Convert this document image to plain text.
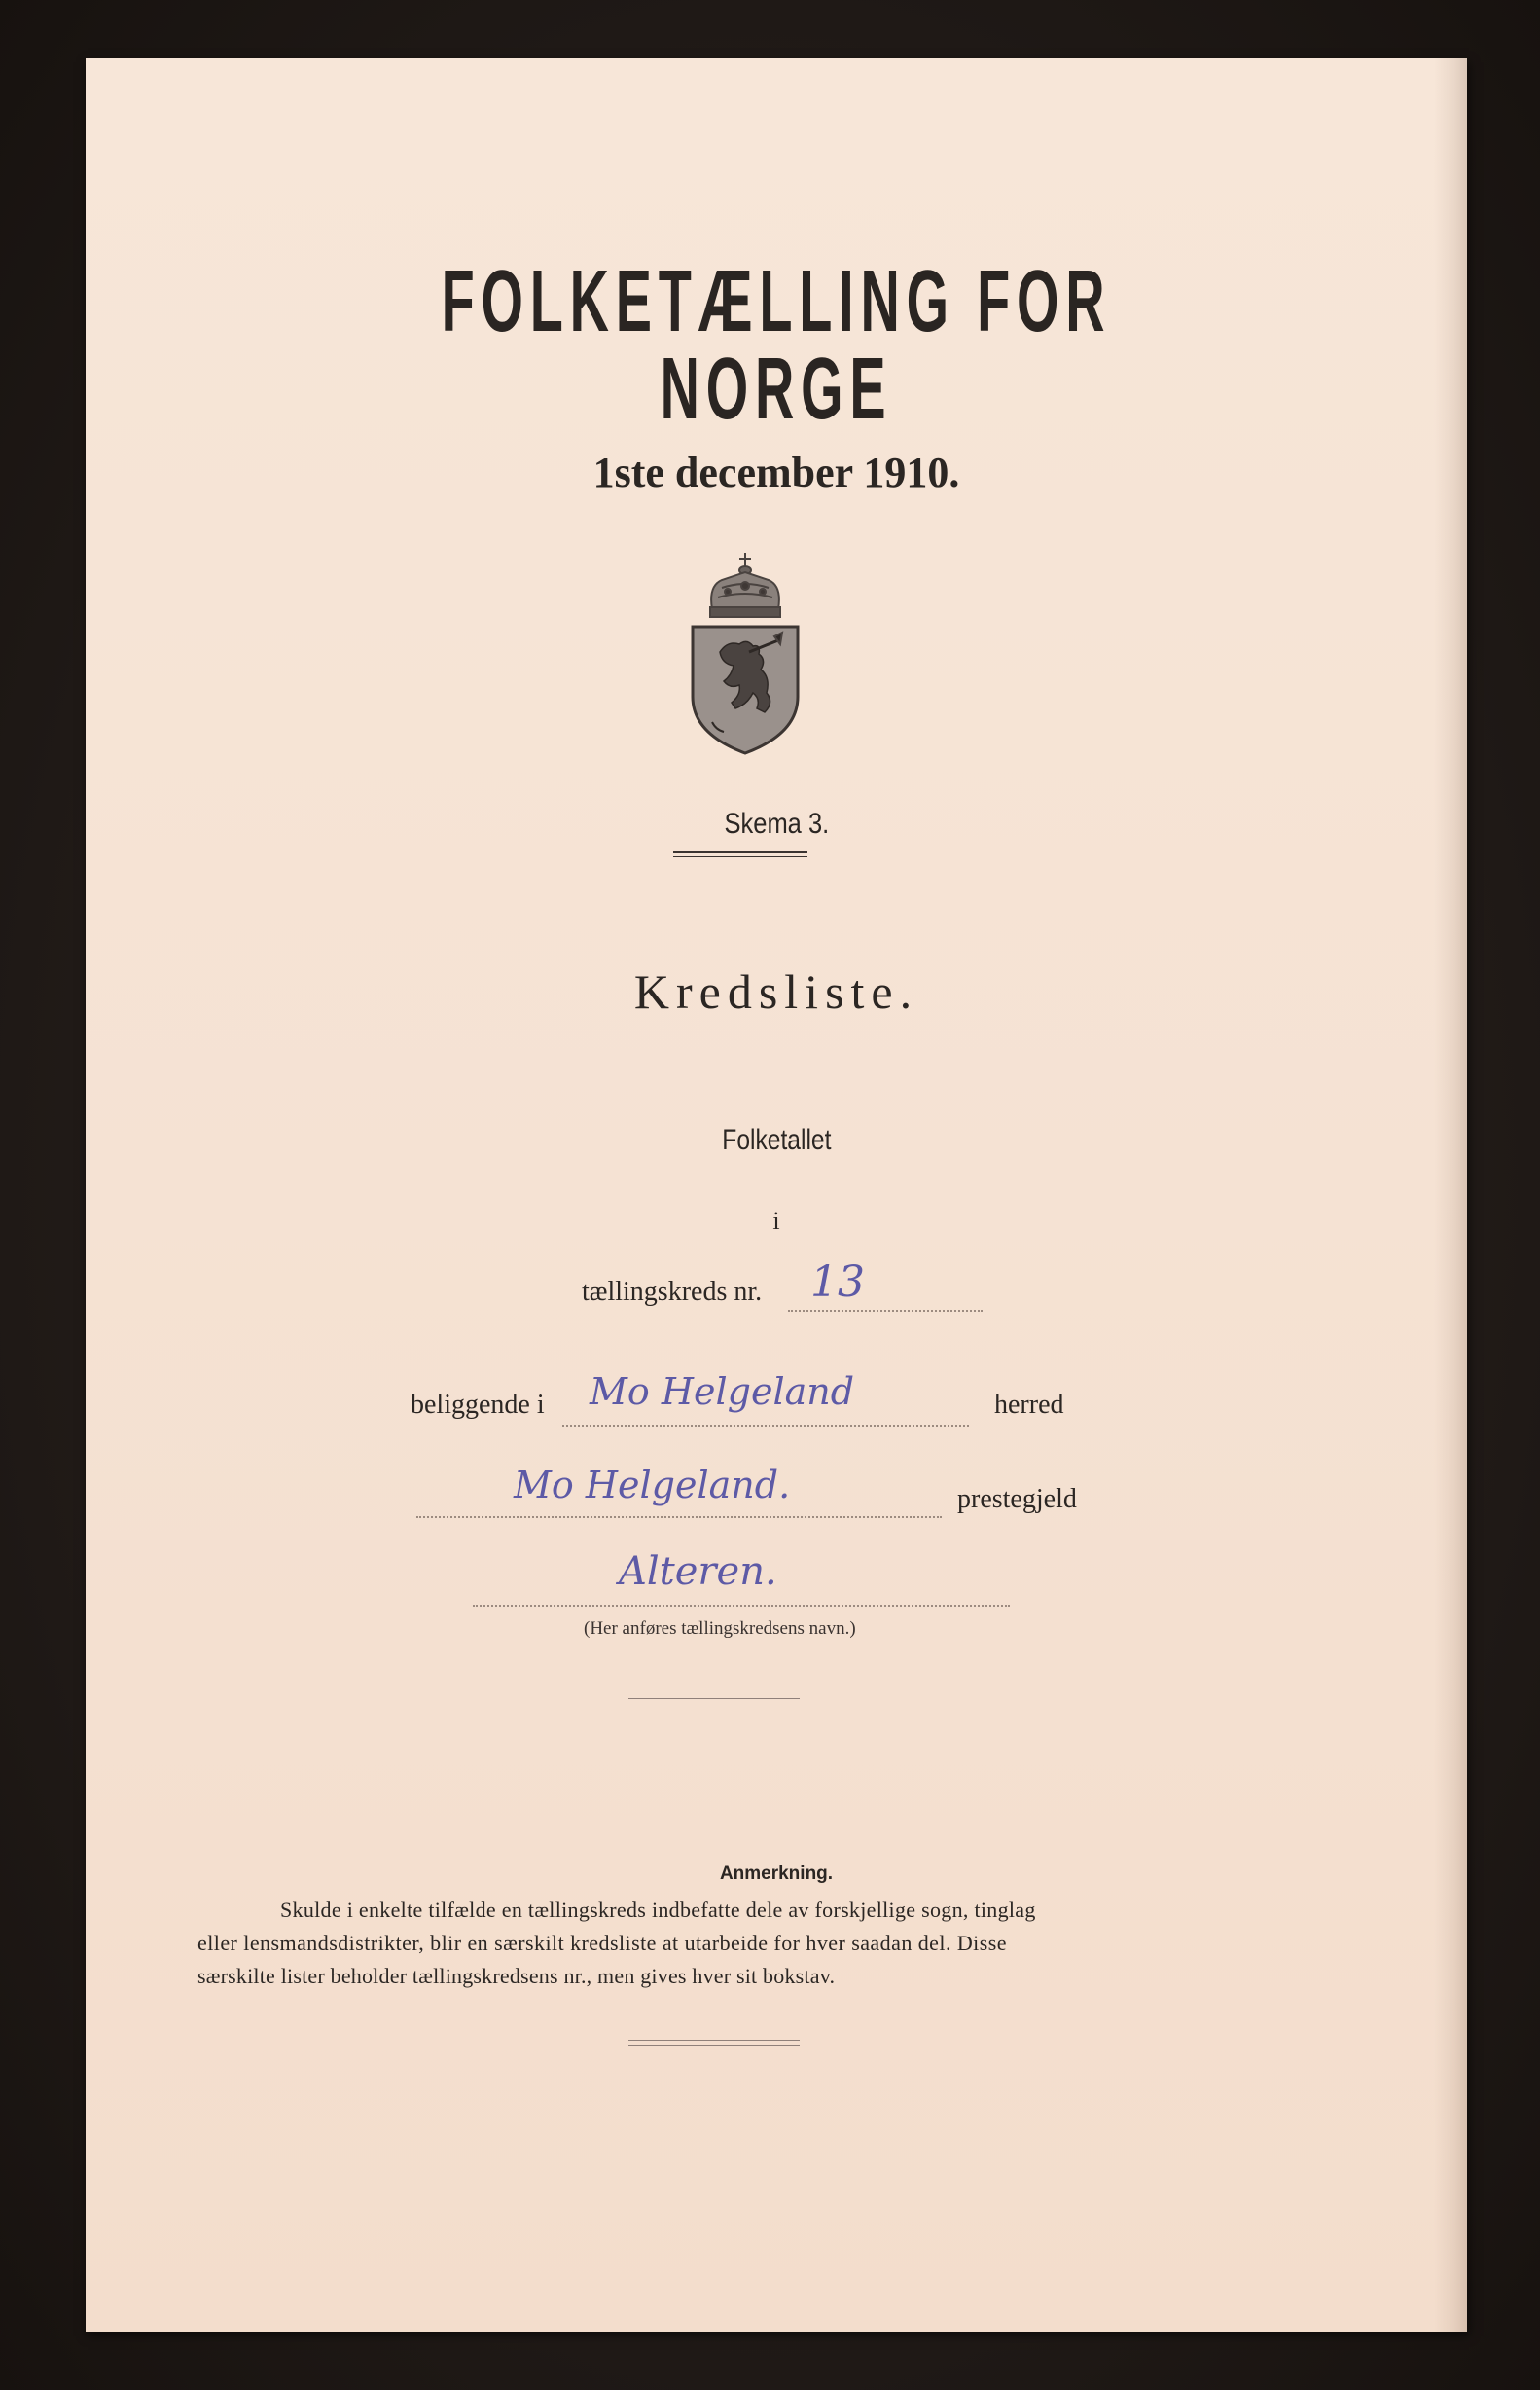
FOLKETÆLLING FOR NORGE
1ste december 1910.
Skema 3.
Kredsliste.
Folketallet
i
tællingskreds nr. 13
beliggende i Mo Helgeland	herred
Mo Helgeland.	prestegjeld
Alteren.
(Her anføres tællingskredsens navn.)
Anmerkning.
Skulde i enkelte tilfælde en tællingskreds indbefatte dele av forskjellige sogn, tinglag
eller lensmandsdistrikter, blir en særskilt kredsliste at utarbeide for hver saadan del. Disse
særskilte lister beholder tællingskredsens nr., men gives hver sit bokstav.
